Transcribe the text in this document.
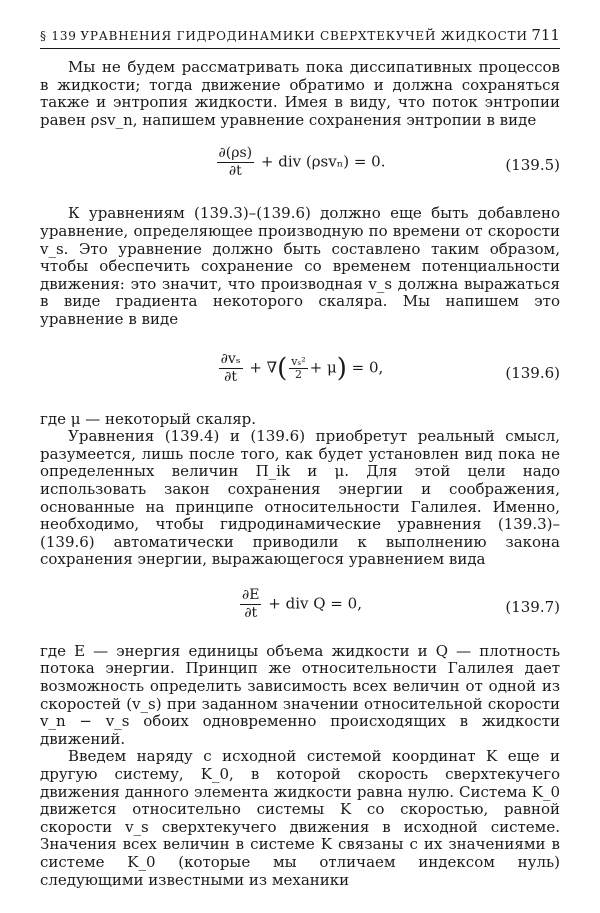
§ 139 УРАВНЕНИЯ ГИДРОДИНАМИКИ СВЕРХТЕКУЧЕЙ ЖИДКОСТИ 711

Мы не будем рассматривать пока диссипативных процессов в жидкости; тогда движение обратимо и должна сохраняться также и энтропия жидкости. Имея в виду, что поток энтропии равен ρsv_n, напишем уравнение сохранения энтропии в виде

$\frac{\partial(\rho s)}{\partial t}$ + div (ρsvₙ) = 0.	(139.5)

К уравнениям (139.3)–(139.6) должно еще быть добавлено уравнение, определяющее производную по времени от скорости v_s. Это уравнение должно быть составлено таким образом, чтобы обеспечить сохранение со временем потенциальности движения: это значит, что производная v_s должна выражаться в виде градиента некоторого скаляра. Мы напишем это уравнение в виде

$\frac{\text{∂vₛ}}{\partial t}$ + ∇( $\frac{\text{vₛ²}}{2} + \mu) = 0$,	(139.6)

где μ — некоторый скаляр.

Уравнения (139.4) и (139.6) приобретут реальный смысл, разумеется, лишь после того, как будет установлен вид пока не определенных величин Π_ik и μ. Для этой цели надо использовать закон сохранения энергии и соображения, основанные на принципе относительности Галилея. Именно, необходимо, чтобы гидродинамические уравнения (139.3)–(139.6) автоматически приводили к выполнению закона сохранения энергии, выражающегося уравнением вида

$\frac{\partial E}{\partial t}$ + div Q = 0,	(139.7)

где E — энергия единицы объема жидкости и Q — плотность потока энергии. Принцип же относительности Галилея дает возможность определить зависимость всех величин от одной из скоростей (v_s) при заданном значении относительной скорости v_n − v_s обоих одновременно происходящих в жидкости движений.

Введем наряду с исходной системой координат K еще и другую систему, K_0, в которой скорость сверхтекучего движения данного элемента жидкости равна нулю. Система K_0 движется относительно системы K со скоростью, равной скорости v_s сверхтекучего движения в исходной системе. Значения всех величин в системе K связаны с их значениями в системе K_0 (которые мы отличаем индексом нуль) следующими известными из механики
